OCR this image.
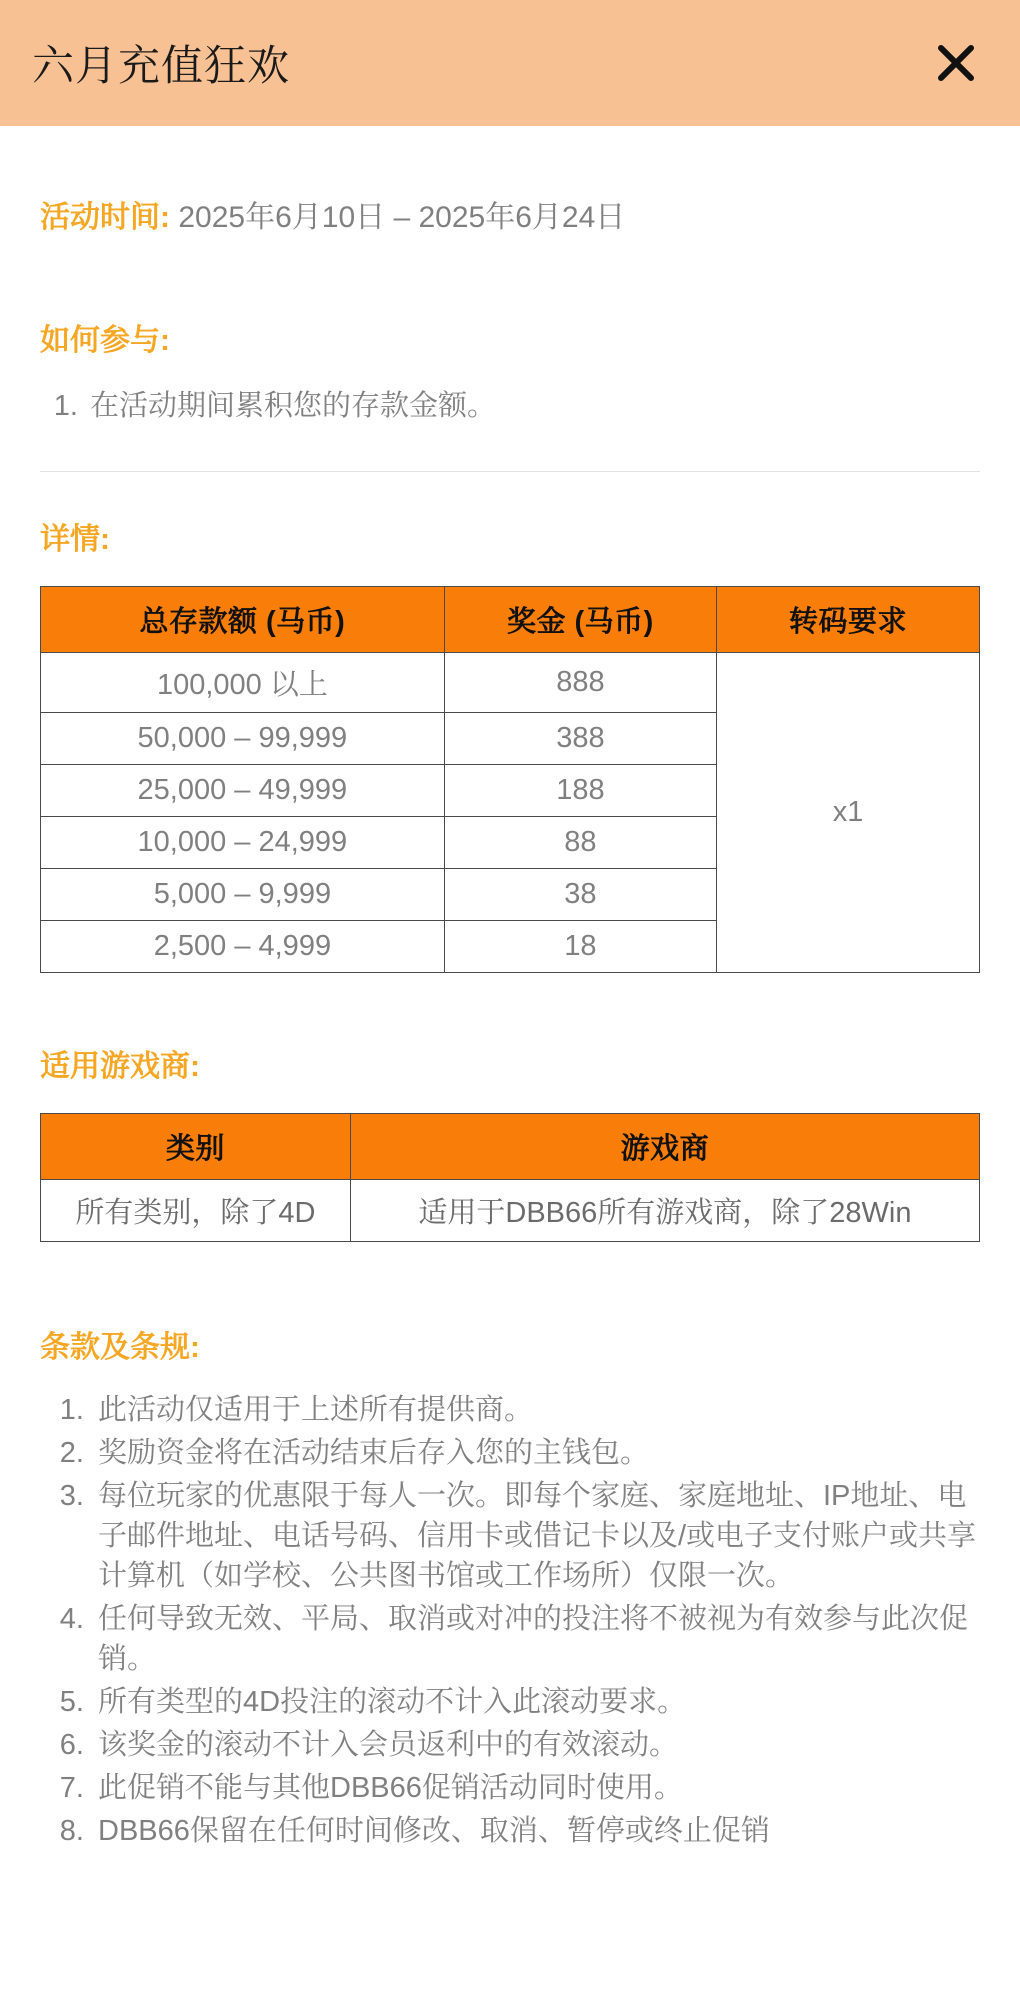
六月充值狂欢
活动时间: 2025年6月10日 – 2025年6月24日
如何参与:
1. 在活动期间累积您的存款金额。
详情:
总存款额 (马币)	奖金 (马币)	转码要求
100,000 以上	888	x1
50,000 – 99,999	388	
25,000 – 49,999	188	
10,000 – 24,999	88	
5,000 – 9,999	38	
2,500 – 4,999	18	
适用游戏商:
类别	游戏商
所有类别，除了4D	适用于DBB66所有游戏商，除了28Win
条款及条规:
1. 此活动仅适用于上述所有提供商。
2. 奖励资金将在活动结束后存入您的主钱包。
3. 每位玩家的优惠限于每人一次。即每个家庭、家庭地址、IP地址、电子邮件地址、电话号码、信用卡或借记卡以及/或电子支付账户或共享计算机（如学校、公共图书馆或工作场所）仅限一次。
4. 任何导致无效、平局、取消或对冲的投注将不被视为有效参与此次促销。
5. 所有类型的4D投注的滚动不计入此滚动要求。
6. 该奖金的滚动不计入会员返利中的有效滚动。
7. 此促销不能与其他DBB66促销活动同时使用。
8. DBB66保留在任何时间修改、取消、暂停或终止促销
